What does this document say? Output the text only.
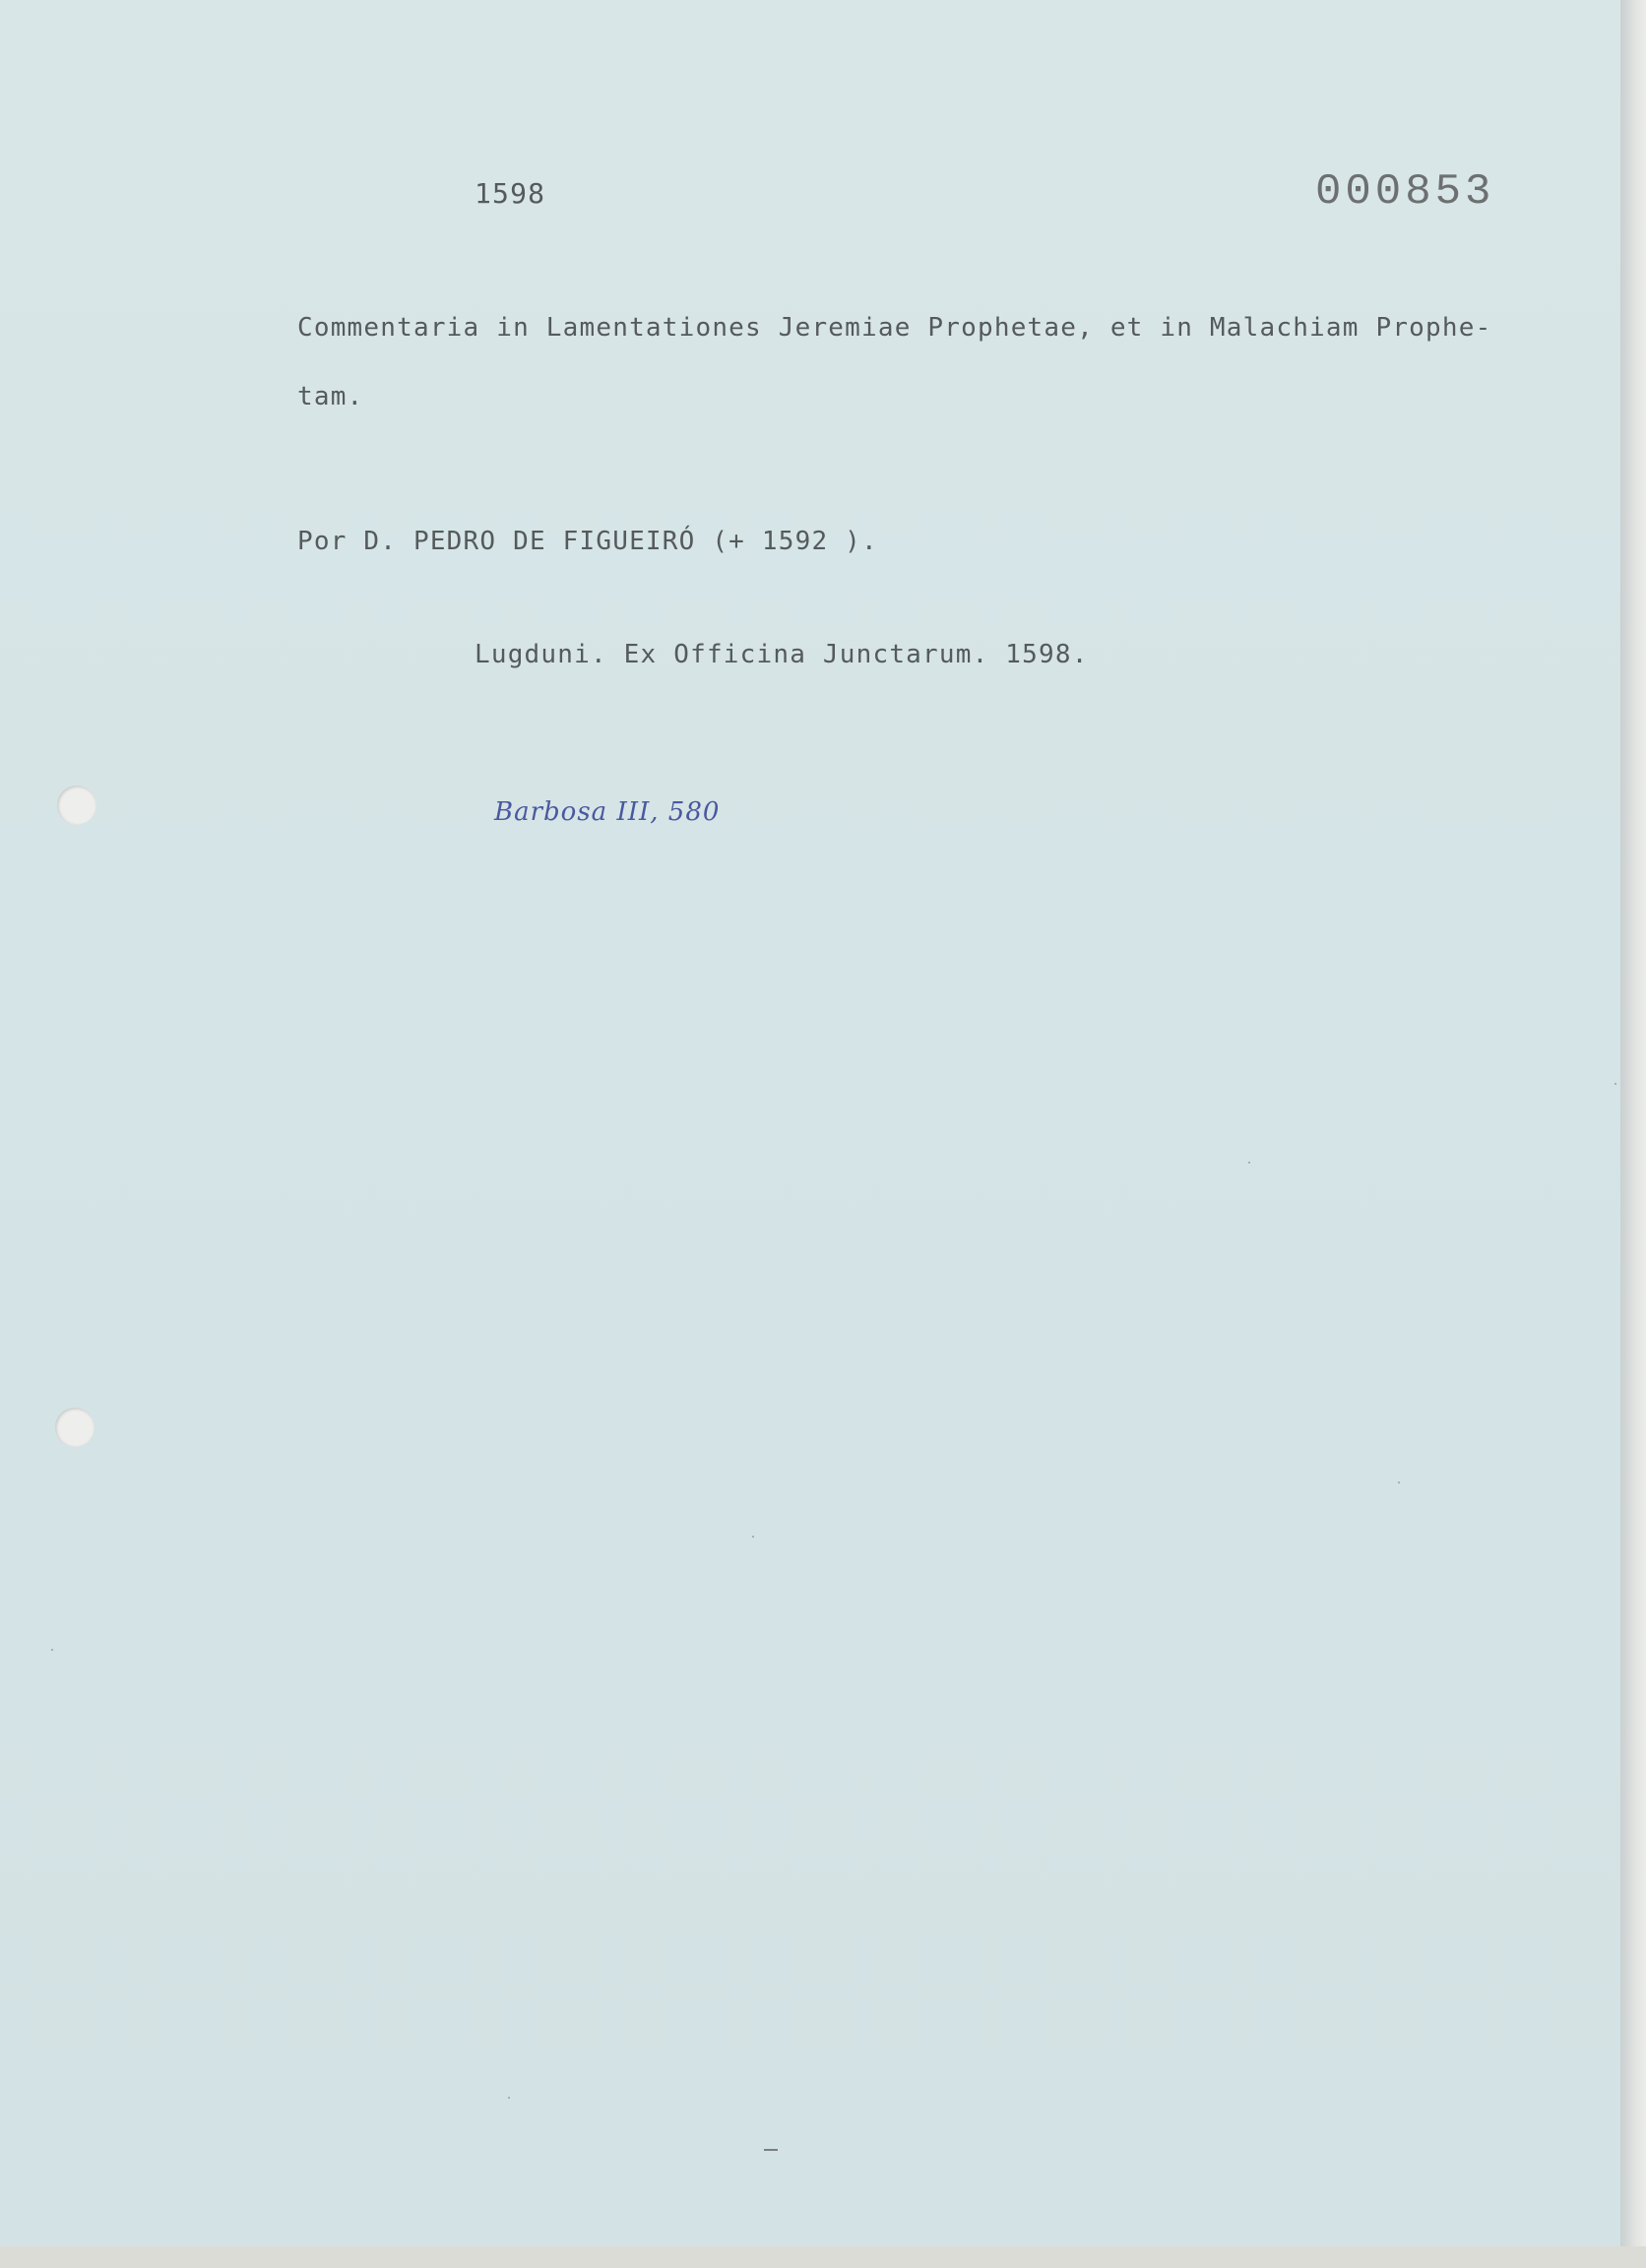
1598	000853
Commentaria in Lamentationes Jeremiae Prophetae, et in Malachiam Prophe-
tam.
Por D. PEDRO DE FIGUEIRÓ (+ 1592 ).
Lugduni. Ex Officina Junctarum. 1598.
Barbosa III, 580
